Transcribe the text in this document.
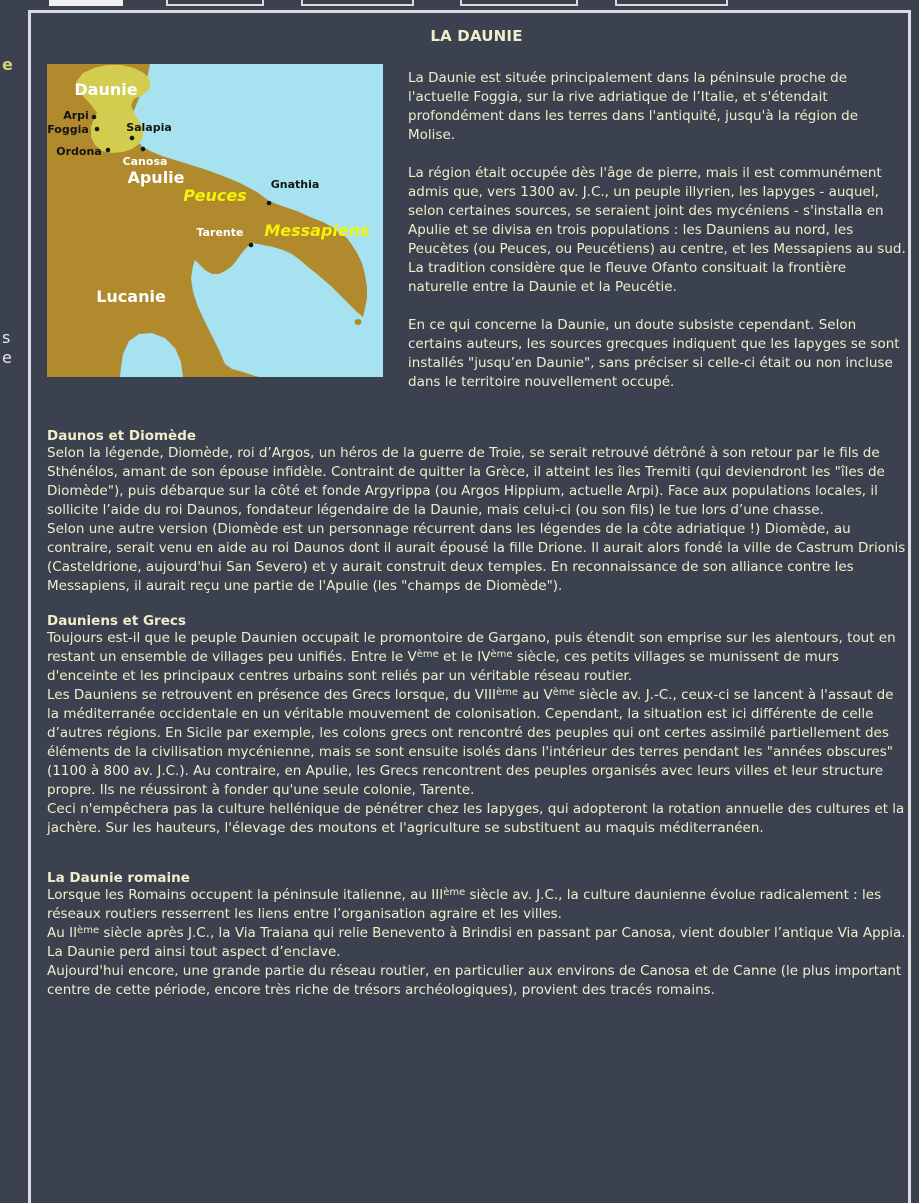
e
s
e
LA DAUNIE
Daunie
Arpi
Foggia	Salapia
Ordona
Canosa
Apulie
Peuces
Gnathia
Tarente Messapiens
Lucanie
La Daunie est située principalement dans la péninsule proche de l'actuelle Foggia, sur la rive adriatique de l’Italie, et s'étendait profondément dans les terres dans l'antiquité, jusqu'à la région de Molise.
La région était occupée dès l'âge de pierre, mais il est communément admis que, vers 1300 av. J.C., un peuple illyrien, les Iapyges - auquel, selon certaines sources, se seraient joint des mycéniens - s'installa en Apulie et se divisa en trois populations : les Dauniens au nord, les Peucètes (ou Peuces, ou Peucétiens) au centre, et les Messapiens au sud. La tradition considère que le fleuve Ofanto consituait la frontière naturelle entre la Daunie et la Peucétie.
En ce qui concerne la Daunie, un doute subsiste cependant. Selon certains auteurs, les sources grecques indiquent que les Iapyges se sont installés "jusqu’en Daunie", sans préciser si celle-ci était ou non incluse dans le territoire nouvellement occupé.
Daunos et Diomède
Selon la légende, Diomède, roi d’Argos, un héros de la guerre de Troie, se serait retrouvé détrôné à son retour par le fils de Sthénélos, amant de son épouse infidèle. Contraint de quitter la Grèce, il atteint les îles Tremiti (qui deviendront les "îles de Diomède"), puis débarque sur la côté et fonde Argyrippa (ou Argos Hippium, actuelle Arpi). Face aux populations locales, il sollicite l’aide du roi Daunos, fondateur légendaire de la Daunie, mais celui-ci (ou son fils) le tue lors d’une chasse.
Selon une autre version (Diomède est un personnage récurrent dans les légendes de la côte adriatique !) Diomède, au contraire, serait venu en aide au roi Daunos dont il aurait épousé la fille Drione. Il aurait alors fondé la ville de Castrum Drionis (Casteldrione, aujourd'hui San Severo) et y aurait construit deux temples. En reconnaissance de son alliance contre les Messapiens, il aurait reçu une partie de l'Apulie (les "champs de Diomède").
Dauniens et Grecs
Toujours est-il que le peuple Daunien occupait le promontoire de Gargano, puis étendit son emprise sur les alentours, tout en restant un ensemble de villages peu unifiés. Entre le Vème et le IVème siècle, ces petits villages se munissent de murs d'enceinte et les principaux centres urbains sont reliés par un véritable réseau routier.
Les Dauniens se retrouvent en présence des Grecs lorsque, du VIIIème au Vème siècle av. J.-C., ceux-ci se lancent à l'assaut de la méditerranée occidentale en un véritable mouvement de colonisation. Cependant, la situation est ici différente de celle d’autres régions. En Sicile par exemple, les colons grecs ont rencontré des peuples qui ont certes assimilé partiellement des éléments de la civilisation mycénienne, mais se sont ensuite isolés dans l'intérieur des terres pendant les "années obscures" (1100 à 800 av. J.C.). Au contraire, en Apulie, les Grecs rencontrent des peuples organisés avec leurs villes et leur structure propre. Ils ne réussiront à fonder qu'une seule colonie, Tarente.
Ceci n'empêchera pas la culture hellénique de pénétrer chez les Iapyges, qui adopteront la rotation annuelle des cultures et la jachère. Sur les hauteurs, l'élevage des moutons et l'agriculture se substituent au maquis méditerranéen.
La Daunie romaine
Lorsque les Romains occupent la péninsule italienne, au IIIème siècle av. J.C., la culture daunienne évolue radicalement : les réseaux routiers resserrent les liens entre l’organisation agraire et les villes.
Au IIème siècle après J.C., la Via Traiana qui relie Benevento à Brindisi en passant par Canosa, vient doubler l’antique Via Appia. La Daunie perd ainsi tout aspect d’enclave.
Aujourd'hui encore, une grande partie du réseau routier, en particulier aux environs de Canosa et de Canne (le plus important centre de cette période, encore très riche de trésors archéologiques), provient des tracés romains.
